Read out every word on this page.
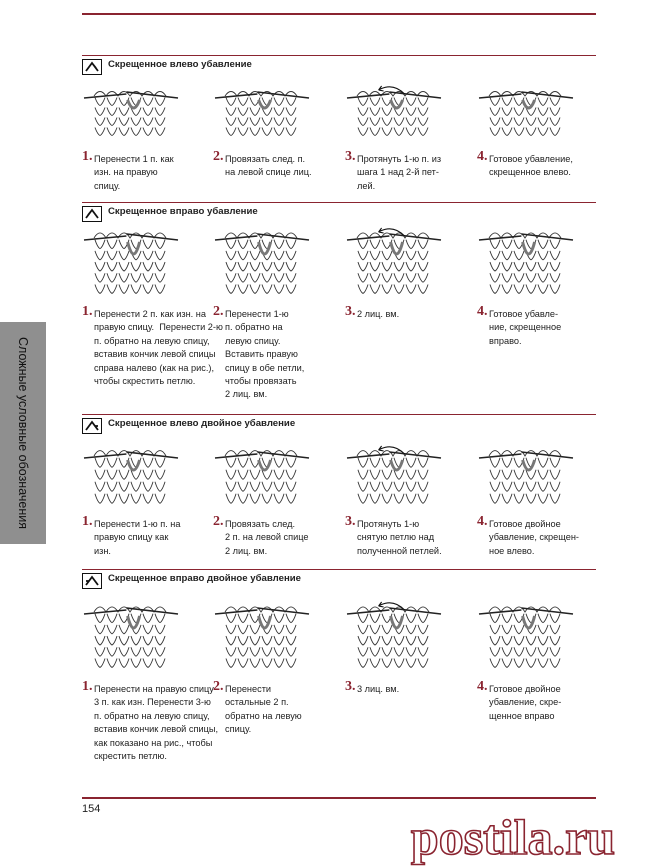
Сложные условные обозначения
Скрещенное влево убавление
Скрещенное вправо убавление
Скрещенное влево двойное убавление
Скрещенное вправо двойное убавление
1. Перенести 1 п. как
изн. на правую
спицу.
2. Провязать след. п.
на левой спице лиц.
3. Протянуть 1-ю п. из
шага 1 над 2-й пет-
лей.
4. Готовое убавление,
скрещенное влево.
1. Перенести 2 п. как изн. на
правую спицу.  Перенести 2-ю
п. обратно на левую спицу,
вставив кончик левой спицы
справа налево (как на рис.),
чтобы скрестить петлю.
2. Перенести 1-ю
п. обратно на
левую спицу.
Вставить правую
спицу в обе петли,
чтобы провязать
2 лиц. вм.
3. 2 лиц. вм.	4. Готовое убавле-
ние, скрещенное
вправо.
1. Перенести 1-ю п. на
правую спицу как
изн.
2. Провязать след.
2 п. на левой спице
2 лиц. вм.
3. Протянуть 1-ю
снятую петлю над
полученной петлей.
4. Готовое двойное
убавление, скрещен-
ное влево.
1. Перенести на правую спицу
3 п. как изн. Перенести 3-ю
п. обратно на левую спицу,
вставив кончик левой спицы,
как показано на рис., чтобы
скрестить петлю.
2. Перенести
остальные 2 п.
обратно на левую
спицу.
3. 3 лиц. вм.	4. Готовое двойное
убавление, скре-
щенное вправо
154	postila.ru
